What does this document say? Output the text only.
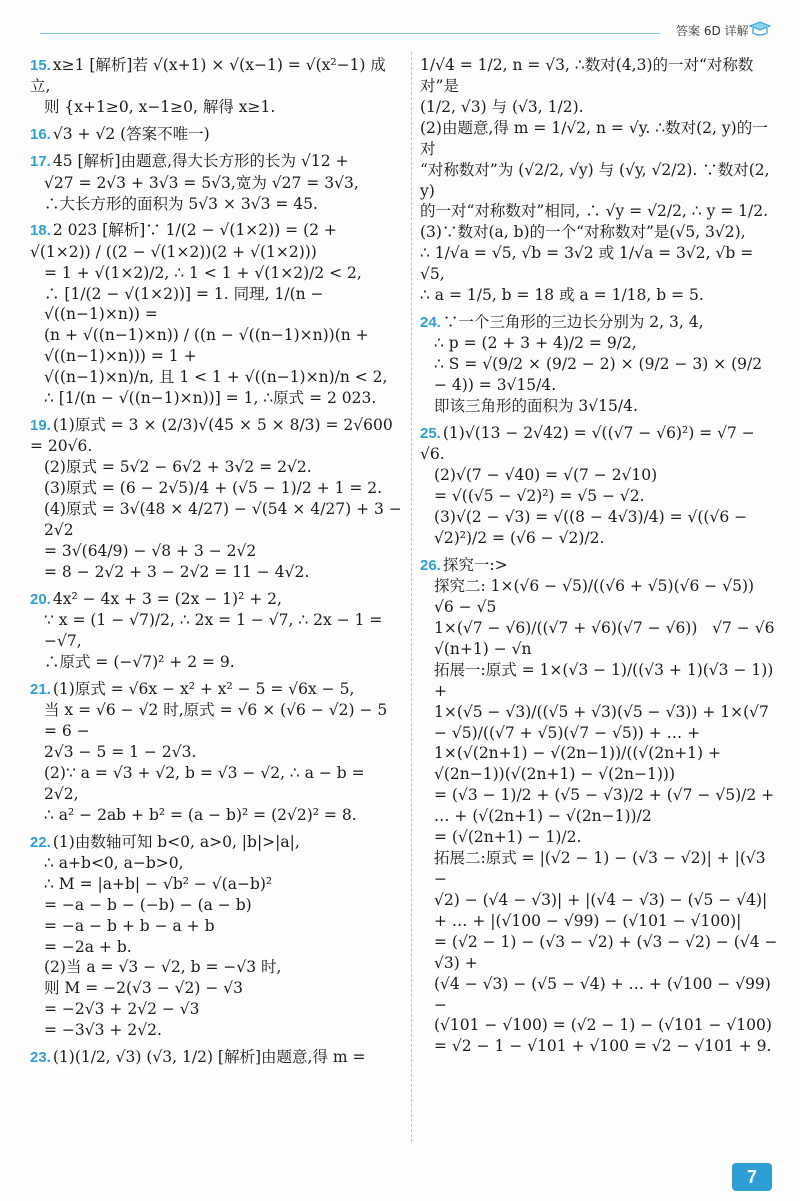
答案 6D 详解
15. x≥1 [解析]若 √(x+1) × √(x−1) = √(x²−1) 成立,
则 {x+1≥0, x−1≥0, 解得 x≥1.
16. √3 + √2 (答案不唯一)
17. 45 [解析]由题意,得大长方形的长为 √12 +
√27 = 2√3 + 3√3 = 5√3,宽为 √27 = 3√3,
∴大长方形的面积为 5√3 × 3√3 = 45.
18. 2 023 [解析]∵ 1/(2 − √(1×2)) = (2 + √(1×2)) / ((2 − √(1×2))(2 + √(1×2)))
= 1 + √(1×2)/2, ∴ 1 < 1 + √(1×2)/2 < 2,
∴ [1/(2 − √(1×2))] = 1. 同理, 1/(n − √((n−1)×n)) =
(n + √((n−1)×n)) / ((n − √((n−1)×n))(n + √((n−1)×n))) = 1 +
√((n−1)×n)/n, 且 1 < 1 + √((n−1)×n)/n < 2,
∴ [1/(n − √((n−1)×n))] = 1, ∴原式 = 2 023.
19. (1)原式 = 3 × (2/3)√(45 × 5 × 8/3) = 2√600 = 20√6.
(2)原式 = 5√2 − 6√2 + 3√2 = 2√2.
(3)原式 = (6 − 2√5)/4 + (√5 − 1)/2 + 1 = 2.
(4)原式 = 3√(48 × 4/27) − √(54 × 4/27) + 3 − 2√2
= 3√(64/9) − √8 + 3 − 2√2
= 8 − 2√2 + 3 − 2√2 = 11 − 4√2.
20. 4x² − 4x + 3 = (2x − 1)² + 2,
∵ x = (1 − √7)/2, ∴ 2x = 1 − √7, ∴ 2x − 1 = −√7,
∴原式 = (−√7)² + 2 = 9.
21. (1)原式 = √6x − x² + x² − 5 = √6x − 5,
当 x = √6 − √2 时,原式 = √6 × (√6 − √2) − 5 = 6 −
2√3 − 5 = 1 − 2√3.
(2)∵ a = √3 + √2, b = √3 − √2, ∴ a − b = 2√2,
∴ a² − 2ab + b² = (a − b)² = (2√2)² = 8.
22. (1)由数轴可知 b<0, a>0, |b|>|a|,
∴ a+b<0, a−b>0,
∴ M = |a+b| − √b² − √(a−b)²
= −a − b − (−b) − (a − b)
= −a − b + b − a + b
= −2a + b.
(2)当 a = √3 − √2, b = −√3 时,
则 M = −2(√3 − √2) − √3
= −2√3 + 2√2 − √3
= −3√3 + 2√2.
23. (1)(1/2, √3) (√3, 1/2) [解析]由题意,得 m =
1/√4 = 1/2, n = √3, ∴数对(4,3)的一对“对称数对”是
(1/2, √3) 与 (√3, 1/2).
(2)由题意,得 m = 1/√2, n = √y. ∴数对(2, y)的一对
“对称数对”为 (√2/2, √y) 与 (√y, √2/2). ∵数对(2, y)
的一对“对称数对”相同, ∴ √y = √2/2, ∴ y = 1/2.
(3)∵数对(a, b)的一个“对称数对”是(√5, 3√2),
∴ 1/√a = √5, √b = 3√2 或 1/√a = 3√2, √b = √5,
∴ a = 1/5, b = 18 或 a = 1/18, b = 5.
24. ∵一个三角形的三边长分别为 2, 3, 4,
∴ p = (2 + 3 + 4)/2 = 9/2,
∴ S = √(9/2 × (9/2 − 2) × (9/2 − 3) × (9/2 − 4)) = 3√15/4.
即该三角形的面积为 3√15/4.
25. (1)√(13 − 2√42) = √((√7 − √6)²) = √7 − √6.
(2)√(7 − √40) = √(7 − 2√10)
= √((√5 − √2)²) = √5 − √2.
(3)√(2 − √3) = √((8 − 4√3)/4) = √((√6 − √2)²)/2 = (√6 − √2)/2.
26. 探究一:>
探究二: 1×(√6 − √5)/((√6 + √5)(√6 − √5))   √6 − √5
1×(√7 − √6)/((√7 + √6)(√7 − √6))   √7 − √6   √(n+1) − √n
拓展一:原式 = 1×(√3 − 1)/((√3 + 1)(√3 − 1)) +
1×(√5 − √3)/((√5 + √3)(√5 − √3)) + 1×(√7 − √5)/((√7 + √5)(√7 − √5)) + … +
1×(√(2n+1) − √(2n−1))/((√(2n+1) + √(2n−1))(√(2n+1) − √(2n−1)))
= (√3 − 1)/2 + (√5 − √3)/2 + (√7 − √5)/2 + … + (√(2n+1) − √(2n−1))/2
= (√(2n+1) − 1)/2.
拓展二:原式 = |(√2 − 1) − (√3 − √2)| + |(√3 −
√2) − (√4 − √3)| + |(√4 − √3) − (√5 − √4)|
+ … + |(√100 − √99) − (√101 − √100)|
= (√2 − 1) − (√3 − √2) + (√3 − √2) − (√4 − √3) +
(√4 − √3) − (√5 − √4) + … + (√100 − √99) −
(√101 − √100) = (√2 − 1) − (√101 − √100)
= √2 − 1 − √101 + √100 = √2 − √101 + 9.
7
